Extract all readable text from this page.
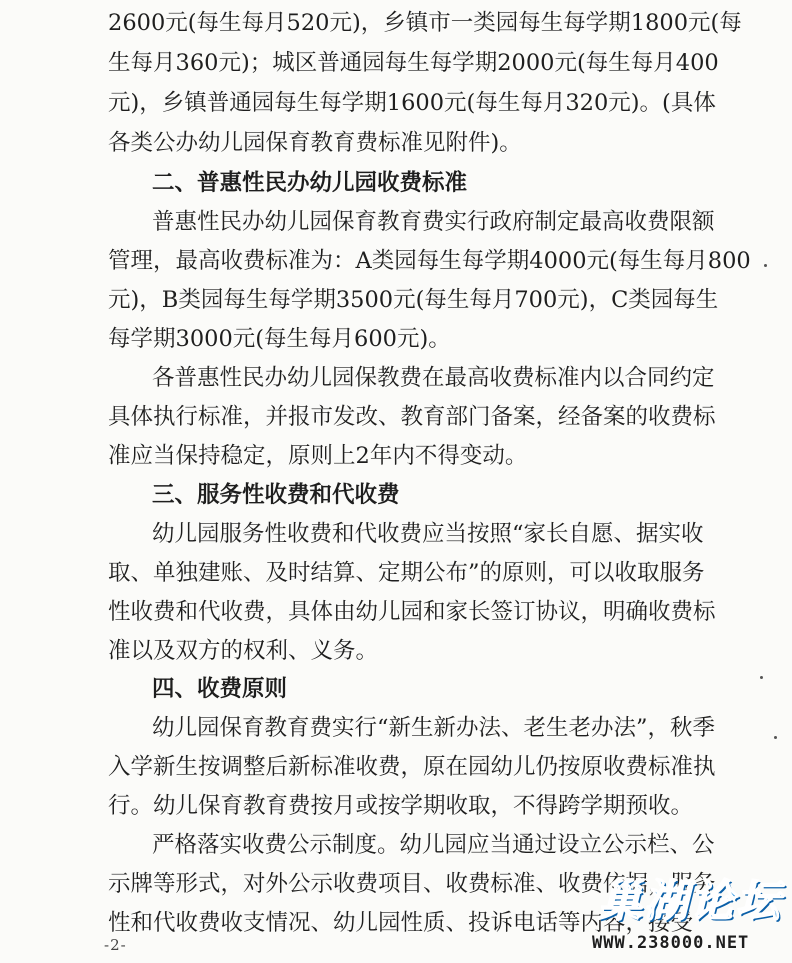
2600元(每生每月520元)，乡镇市一类园每生每学期1800元(每
生每月360元)；城区普通园每生每学期2000元(每生每月400
元)，乡镇普通园每生每学期1600元(每生每月320元)。(具体
各类公办幼儿园保育教育费标准见附件)。
二、普惠性民办幼儿园收费标准
普惠性民办幼儿园保育教育费实行政府制定最高收费限额
管理，最高收费标准为：A类园每生每学期4000元(每生每月800
元)，B类园每生每学期3500元(每生每月700元)，C类园每生
每学期3000元(每生每月600元)。
各普惠性民办幼儿园保教费在最高收费标准内以合同约定
具体执行标准，并报市发改、教育部门备案，经备案的收费标
准应当保持稳定，原则上2年内不得变动。
三、服务性收费和代收费
幼儿园服务性收费和代收费应当按照“家长自愿、据实收
取、单独建账、及时结算、定期公布”的原则，可以收取服务
性收费和代收费，具体由幼儿园和家长签订协议，明确收费标
准以及双方的权利、义务。
四、收费原则
幼儿园保育教育费实行“新生新办法、老生老办法”，秋季
入学新生按调整后新标准收费，原在园幼儿仍按原收费标准执
行。幼儿保育教育费按月或按学期收取，不得跨学期预收。
严格落实收费公示制度。幼儿园应当通过设立公示栏、公
示牌等形式，对外公示收费项目、收费标准、收费依据，服务
性和代收费收支情况、幼儿园性质、投诉电话等内容，接受
-2-
巢湖论坛
WWW.238000.NET
